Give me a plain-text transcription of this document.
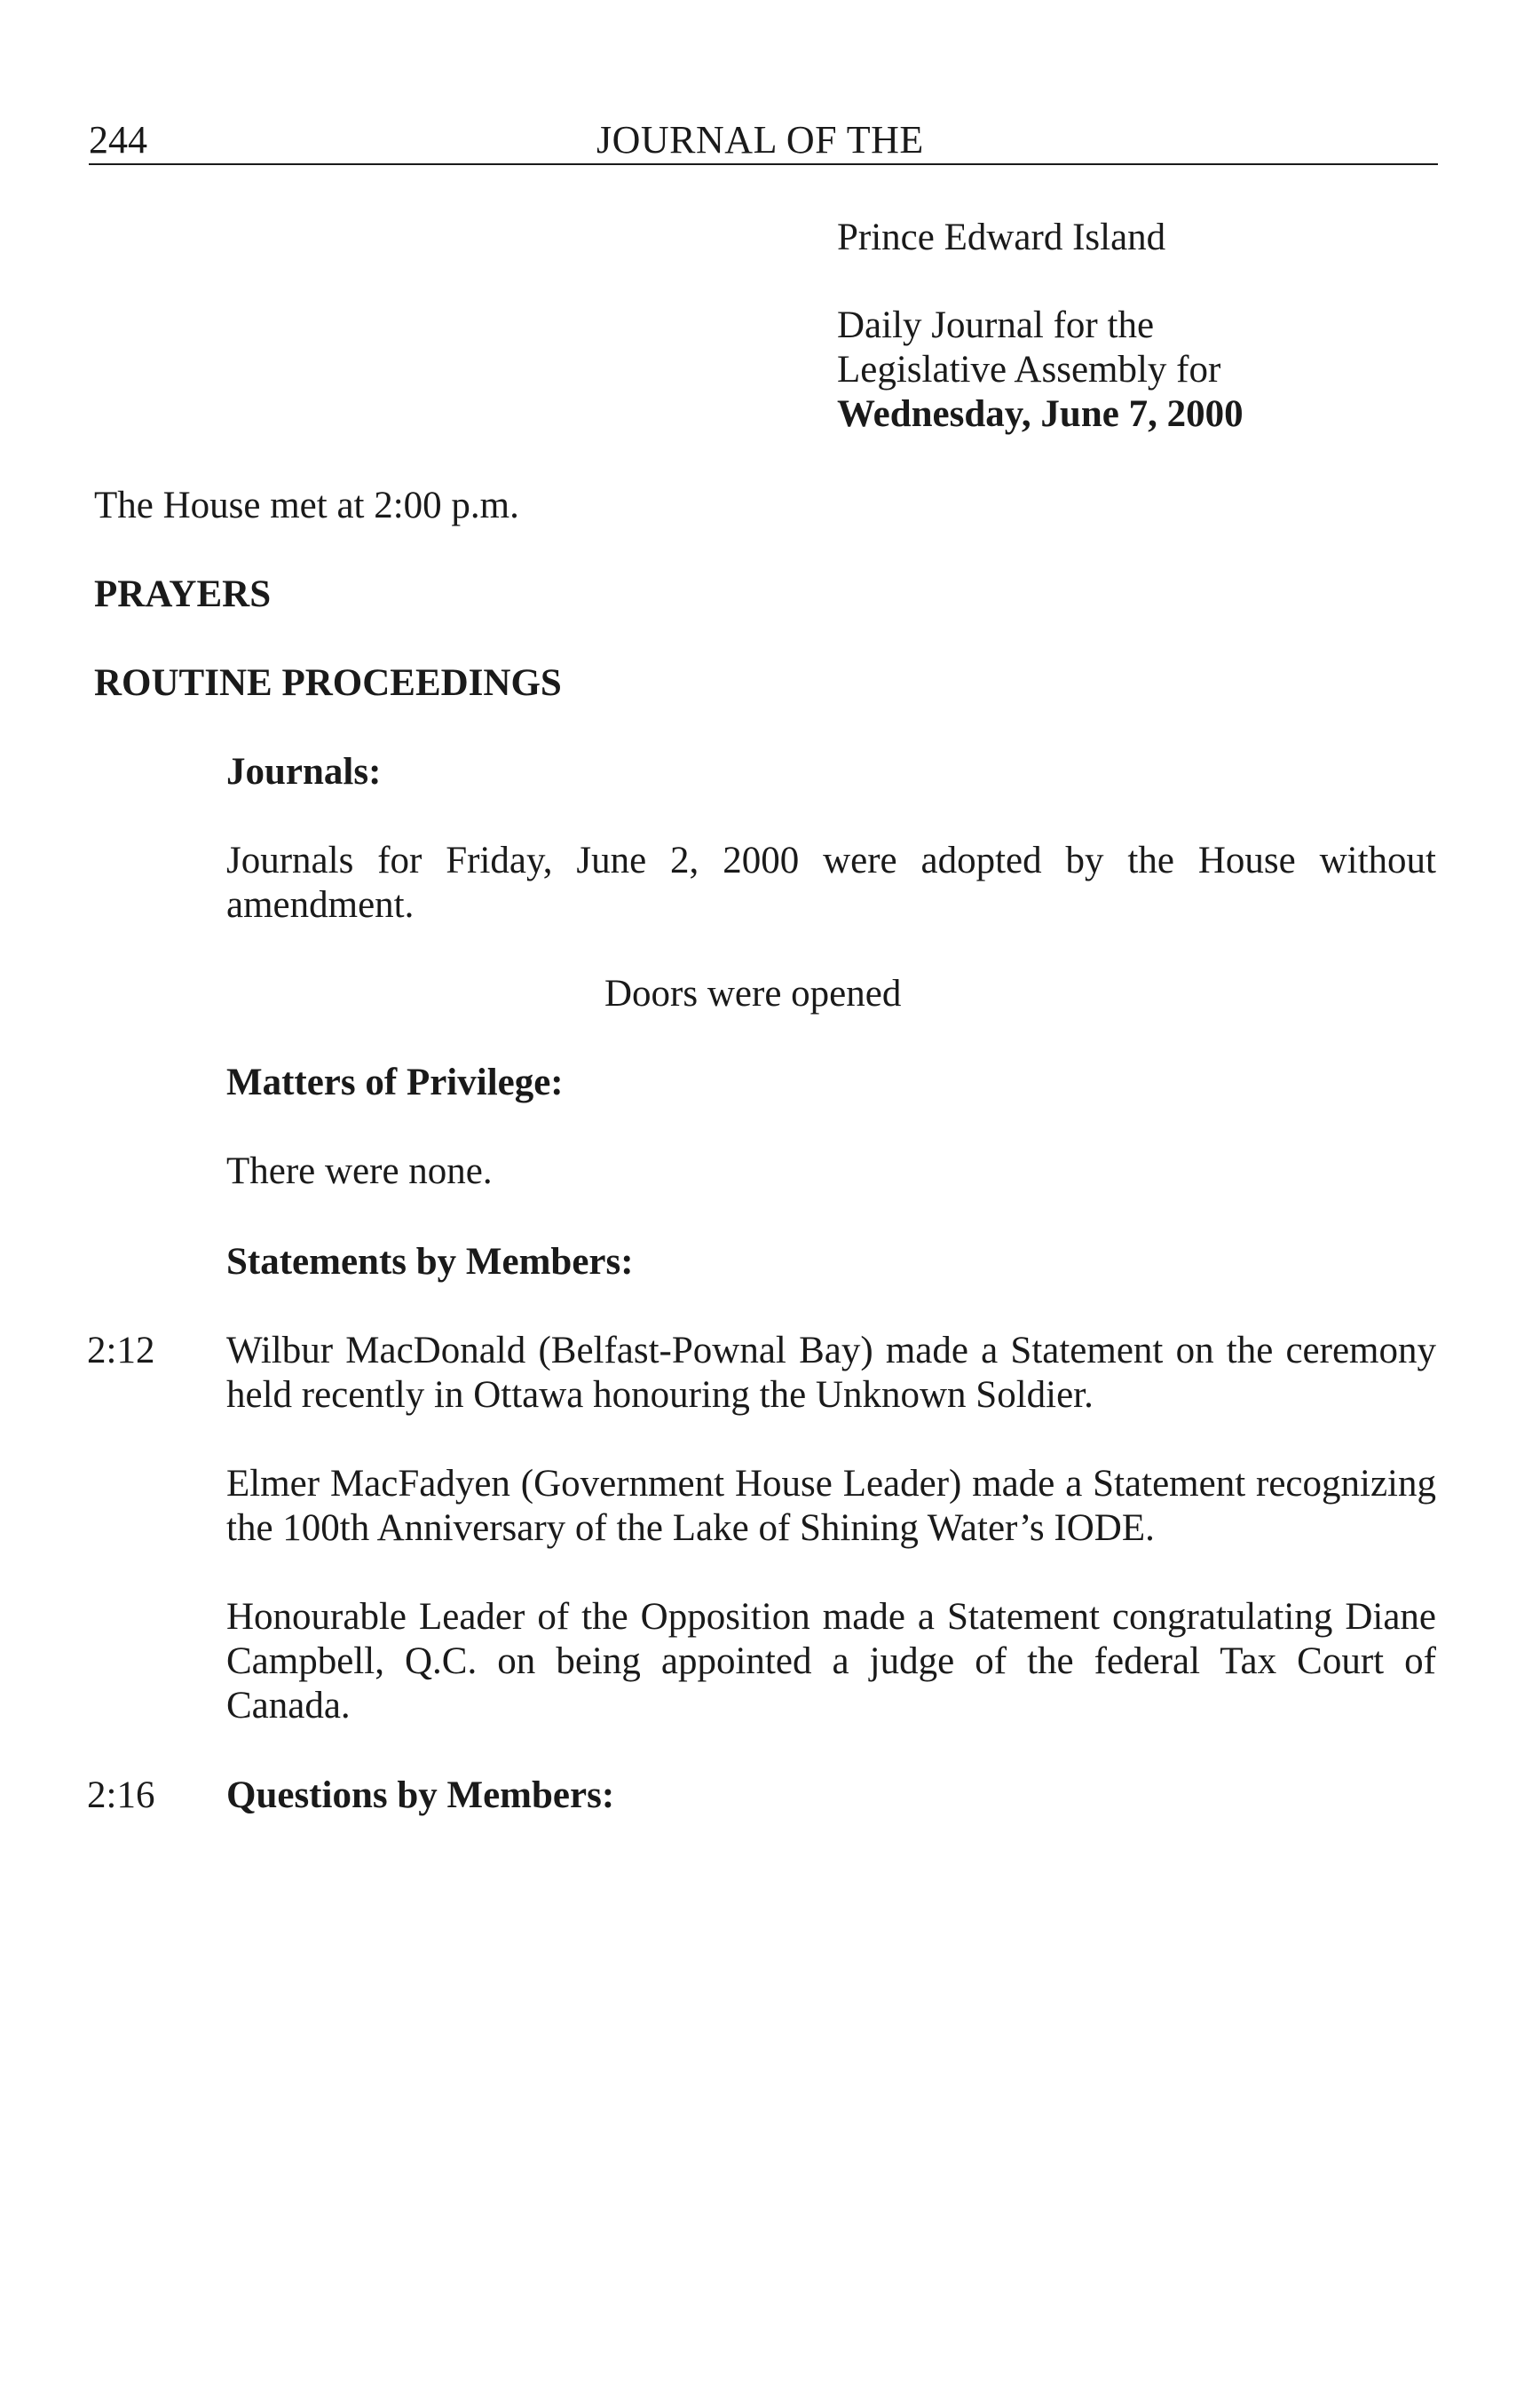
244	JOURNAL OF THE
Prince Edward Island
Daily Journal for the
Legislative Assembly for
Wednesday, June 7, 2000
The House met at 2:00 p.m.
PRAYERS
ROUTINE PROCEEDINGS
Journals:
Journals for Friday, June 2, 2000 were adopted by the House without amendment.
Doors were opened
Matters of Privilege:
There were none.
Statements by Members:
2:12 Wilbur MacDonald (Belfast-Pownal Bay) made a Statement on the ceremony held recently in Ottawa honouring the Unknown Soldier.
Elmer MacFadyen (Government House Leader) made a Statement recognizing the 100th Anniversary of the Lake of Shining Water’s IODE.
Honourable Leader of the Opposition made a Statement congratulating Diane Campbell, Q.C. on being appointed a judge of the federal Tax Court of Canada.
2:16 Questions by Members:
